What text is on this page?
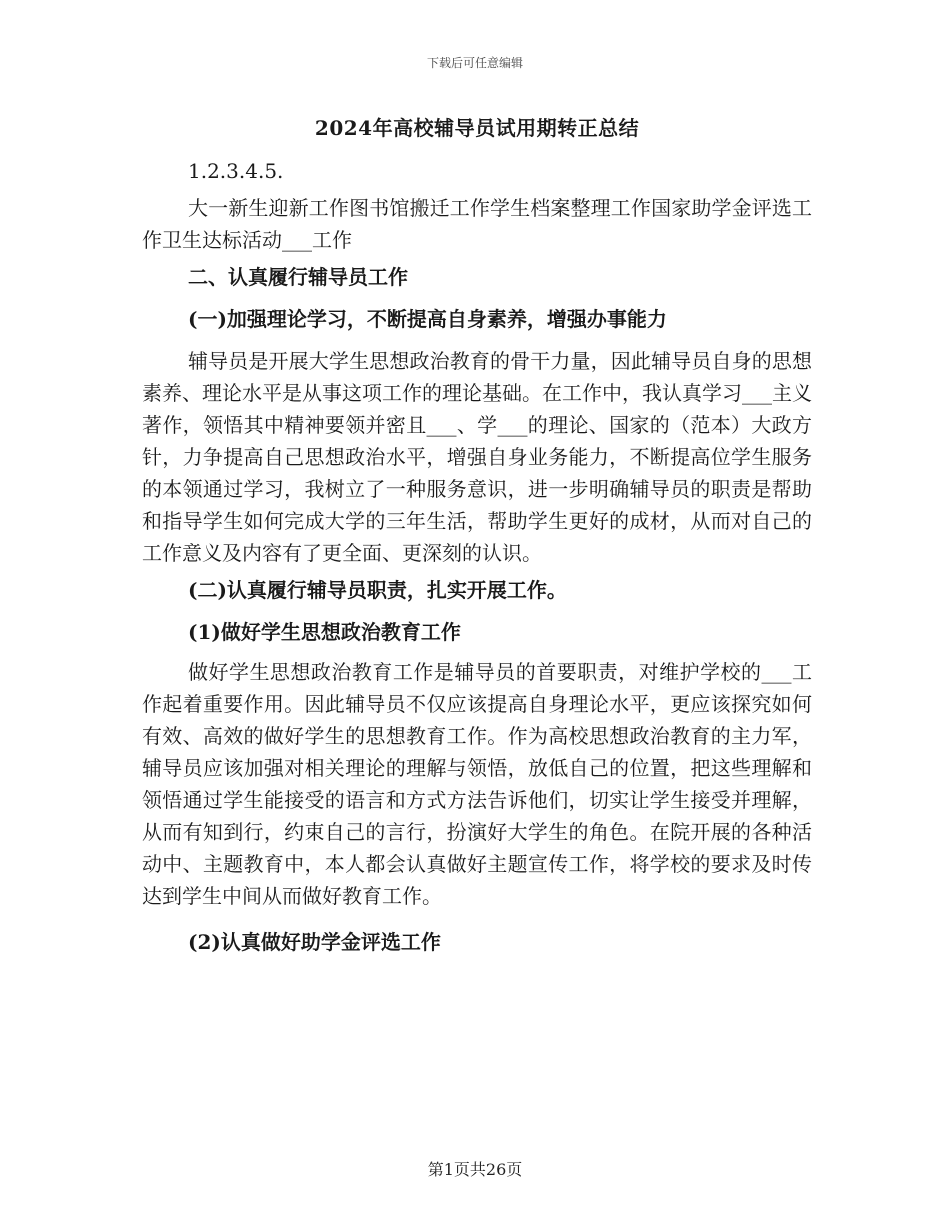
下载后可任意编辑
2024年高校辅导员试用期转正总结
1.2.3.4.5.
大一新生迎新工作图书馆搬迁工作学生档案整理工作国家助学金评选工作卫生达标活动___工作
二、认真履行辅导员工作
(一)加强理论学习，不断提高自身素养，增强办事能力
辅导员是开展大学生思想政治教育的骨干力量，因此辅导员自身的思想素养、理论水平是从事这项工作的理论基础。在工作中，我认真学习___主义著作，领悟其中精神要领并密且___、学___的理论、国家的（范本）大政方针，力争提高自己思想政治水平，增强自身业务能力，不断提高位学生服务的本领通过学习，我树立了一种服务意识，进一步明确辅导员的职责是帮助和指导学生如何完成大学的三年生活，帮助学生更好的成材，从而对自己的工作意义及内容有了更全面、更深刻的认识。
(二)认真履行辅导员职责，扎实开展工作。
(1)做好学生思想政治教育工作
做好学生思想政治教育工作是辅导员的首要职责，对维护学校的___工作起着重要作用。因此辅导员不仅应该提高自身理论水平，更应该探究如何有效、高效的做好学生的思想教育工作。作为高校思想政治教育的主力军，辅导员应该加强对相关理论的理解与领悟，放低自己的位置，把这些理解和领悟通过学生能接受的语言和方式方法告诉他们，切实让学生接受并理解，从而有知到行，约束自己的言行，扮演好大学生的角色。在院开展的各种活动中、主题教育中，本人都会认真做好主题宣传工作，将学校的要求及时传达到学生中间从而做好教育工作。
(2)认真做好助学金评选工作
第1页共26页
